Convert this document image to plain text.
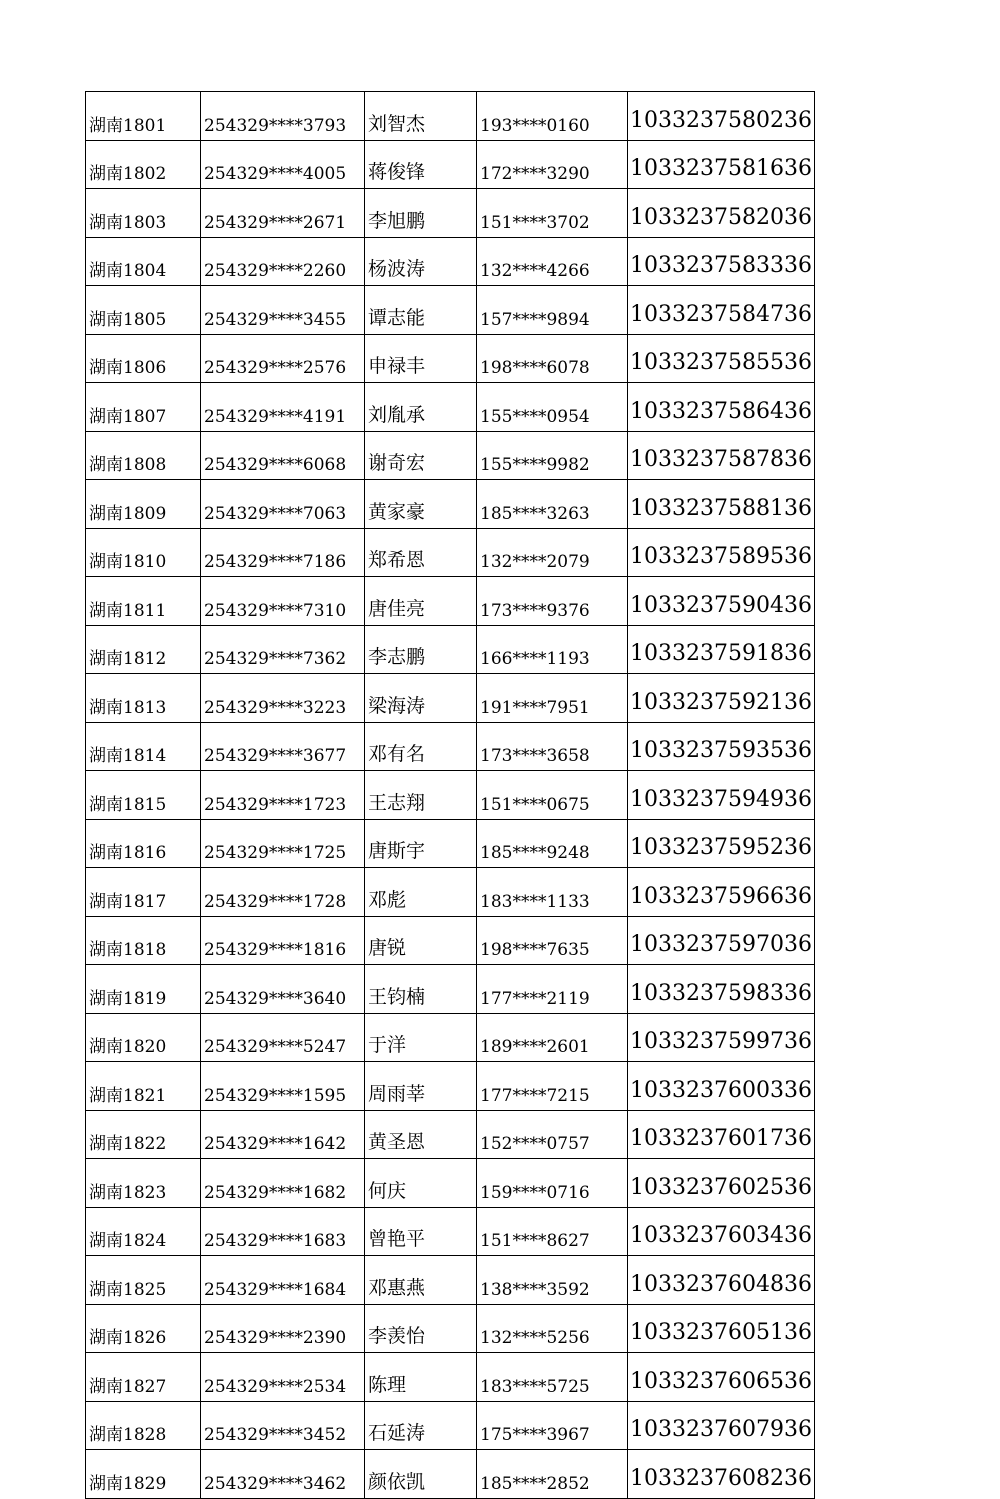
湖南1801	254329****3793	刘智杰	193****0160	1033237580236
湖南1802	254329****4005	蒋俊锋	172****3290	1033237581636
湖南1803	254329****2671	李旭鹏	151****3702	1033237582036
湖南1804	254329****2260	杨波涛	132****4266	1033237583336
湖南1805	254329****3455	谭志能	157****9894	1033237584736
湖南1806	254329****2576	申禄丰	198****6078	1033237585536
湖南1807	254329****4191	刘胤承	155****0954	1033237586436
湖南1808	254329****6068	谢奇宏	155****9982	1033237587836
湖南1809	254329****7063	黄家豪	185****3263	1033237588136
湖南1810	254329****7186	郑希恩	132****2079	1033237589536
湖南1811	254329****7310	唐佳亮	173****9376	1033237590436
湖南1812	254329****7362	李志鹏	166****1193	1033237591836
湖南1813	254329****3223	梁海涛	191****7951	1033237592136
湖南1814	254329****3677	邓有名	173****3658	1033237593536
湖南1815	254329****1723	王志翔	151****0675	1033237594936
湖南1816	254329****1725	唐斯宇	185****9248	1033237595236
湖南1817	254329****1728	邓彪	183****1133	1033237596636
湖南1818	254329****1816	唐锐	198****7635	1033237597036
湖南1819	254329****3640	王钧楠	177****2119	1033237598336
湖南1820	254329****5247	于洋	189****2601	1033237599736
湖南1821	254329****1595	周雨莘	177****7215	1033237600336
湖南1822	254329****1642	黄圣恩	152****0757	1033237601736
湖南1823	254329****1682	何庆	159****0716	1033237602536
湖南1824	254329****1683	曾艳平	151****8627	1033237603436
湖南1825	254329****1684	邓惠燕	138****3592	1033237604836
湖南1826	254329****2390	李羡怡	132****5256	1033237605136
湖南1827	254329****2534	陈理	183****5725	1033237606536
湖南1828	254329****3452	石延涛	175****3967	1033237607936
湖南1829	254329****3462	颜依凯	185****2852	1033237608236
